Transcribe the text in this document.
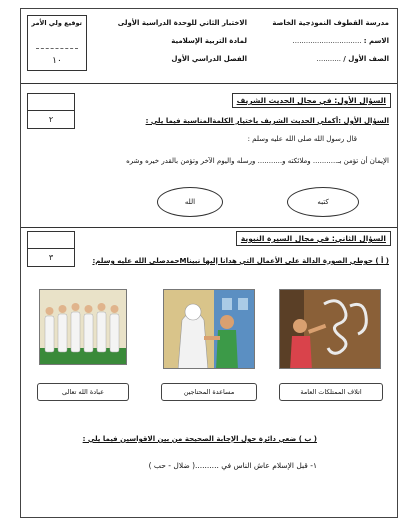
توقيع ولي الأمر
١٠
مدرسة القطوف النموذجية الخاصة
الاختبار الثاني للوحدة الدراسية الأولى
الاسم : ...............................
لمادة التربية الإسلامية
الصف الأول / ...........
الفصل الدراسي الأول
السؤال الأول: في مجال الحديث الشريف
٢	السؤال الأول :أكملي الحديث الشريف باختيار الكلمةالمناسبة فيما يلي :
قال رسول الله صلى الله عليه وسلم :
الإيمان أن تؤمن بـ........... وملائكته و........... ورسله واليوم الآخر وتؤمن بالقدر خيره وشره
كتبه
الله
السؤال الثاني: في مجال السيرة النبوية
٣	( أ ) حوطي الصورة الدالة على الأعمال التي هدانا إليها نبيناMحمدصلى الله عليه وسلم:
عبادة الله تعالى	مساعدة المحتاجين	اتلاف الممتلكات العامة
( ب ) ضعي دائرة حول الإجابة الصحيحة من بين الاقواسين فيما يلي :
١- قبل الإسلام عاش الناس في ..........( ضلال - حب )
